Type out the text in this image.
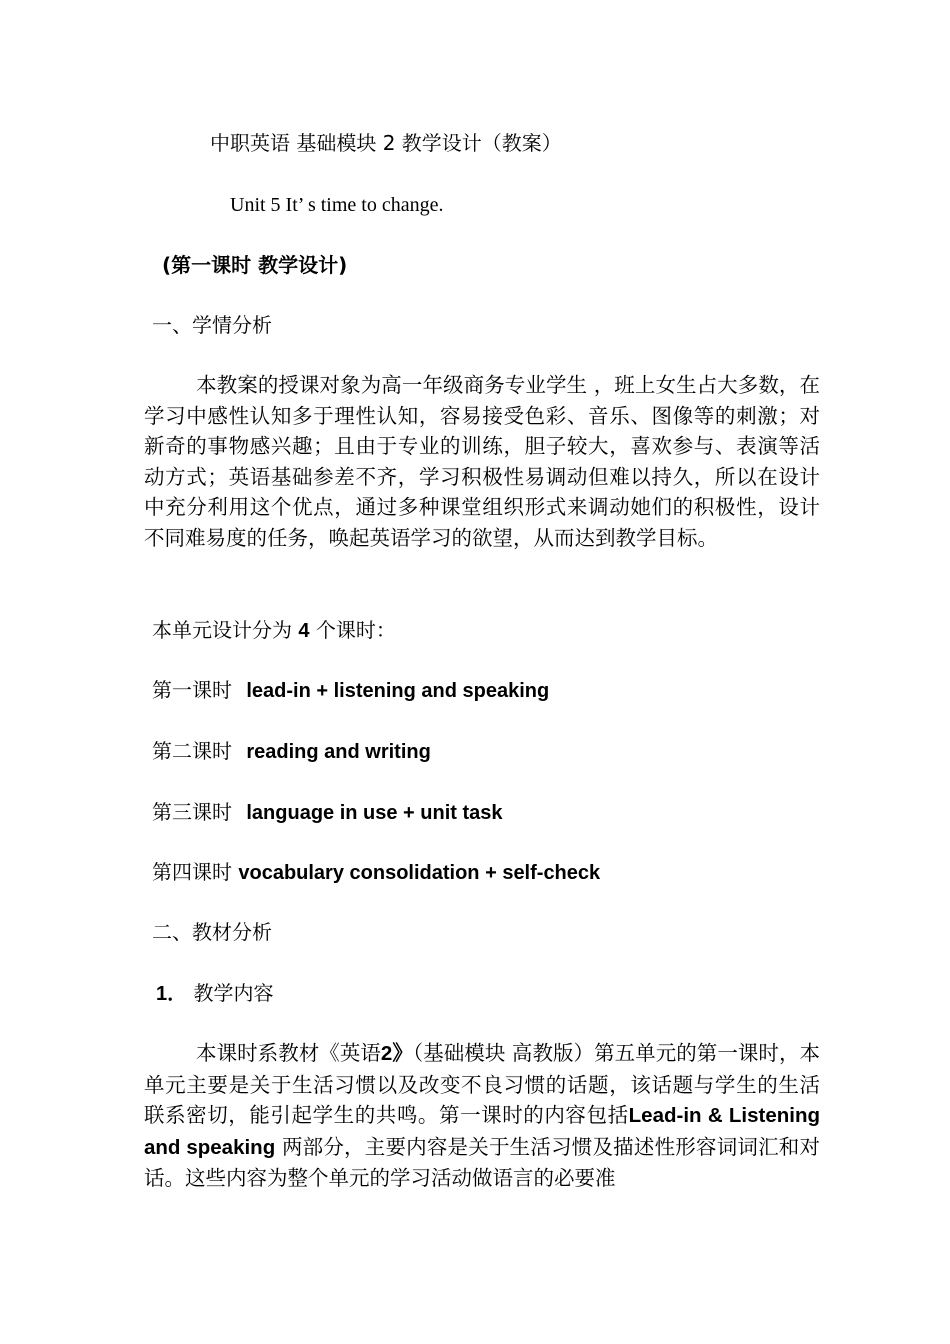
中职英语 基础模块 2 教学设计（教案）
Unit 5 It’ s time to change.
(第一课时 教学设计)
一、学情分析
本教案的授课对象为高一年级商务专业学生 ，班上女生占大多数，在学习中感性认知多于理性认知，容易接受色彩、音乐、图像等的刺激；对新奇的事物感兴趣；且由于专业的训练，胆子较大，喜欢参与、表演等活动方式；英语基础参差不齐，学习积极性易调动但难以持久，所以在设计中充分利用这个优点，通过多种课堂组织形式来调动她们的积极性，设计不同难易度的任务，唤起英语学习的欲望，从而达到教学目标。
本单元设计分为 4 个课时：
第一课时 lead-in + listening and speaking
第二课时 reading and writing
第三课时 language in use + unit task
第四课时 vocabulary consolidation + self-check
二、教材分析
1． 教学内容
本课时系教材《英语2》（基础模块 高教版）第五单元的第一课时，本单元主要是关于生活习惯以及改变不良习惯的话题，该话题与学生的生活联系密切，能引起学生的共鸣。第一课时的内容包括Lead-in & Listening and speaking 两部分，主要内容是关于生活习惯及描述性形容词词汇和对话。这些内容为整个单元的学习活动做语言的必要准
